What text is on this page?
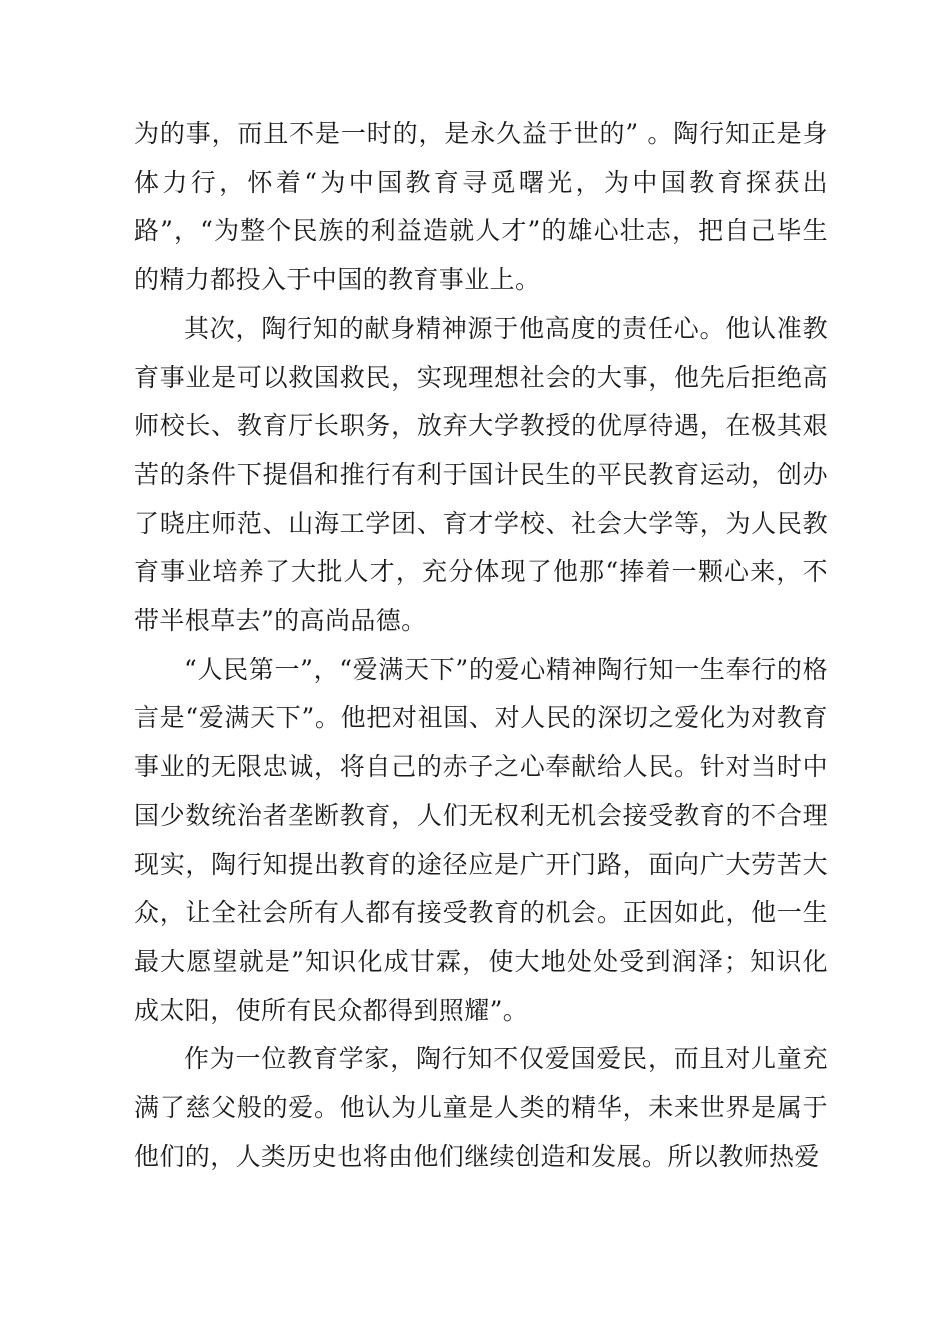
为的事，而且不是一时的，是永久益于世的” 。陶行知正是身体力行，怀着“为中国教育寻觅曙光，为中国教育探获出路”，“为整个民族的利益造就人才”的雄心壮志，把自己毕生的精力都投入于中国的教育事业上。

其次，陶行知的献身精神源于他高度的责任心。他认准教育事业是可以救国救民，实现理想社会的大事，他先后拒绝高师校长、教育厅长职务，放弃大学教授的优厚待遇，在极其艰苦的条件下提倡和推行有利于国计民生的平民教育运动，创办了晓庄师范、山海工学团、育才学校、社会大学等，为人民教育事业培养了大批人才，充分体现了他那“捧着一颗心来，不带半根草去”的高尚品德。

“人民第一”，“爱满天下”的爱心精神陶行知一生奉行的格言是“爱满天下”。他把对祖国、对人民的深切之爱化为对教育事业的无限忠诚，将自己的赤子之心奉献给人民。针对当时中国少数统治者垄断教育，人们无权利无机会接受教育的不合理现实，陶行知提出教育的途径应是广开门路，面向广大劳苦大众，让全社会所有人都有接受教育的机会。正因如此，他一生最大愿望就是”知识化成甘霖，使大地处处受到润泽；知识化成太阳，使所有民众都得到照耀”。

作为一位教育学家，陶行知不仅爱国爱民，而且对儿童充满了慈父般的爱。他认为儿童是人类的精华，未来世界是属于他们的，人类历史也将由他们继续创造和发展。所以教师热爱
